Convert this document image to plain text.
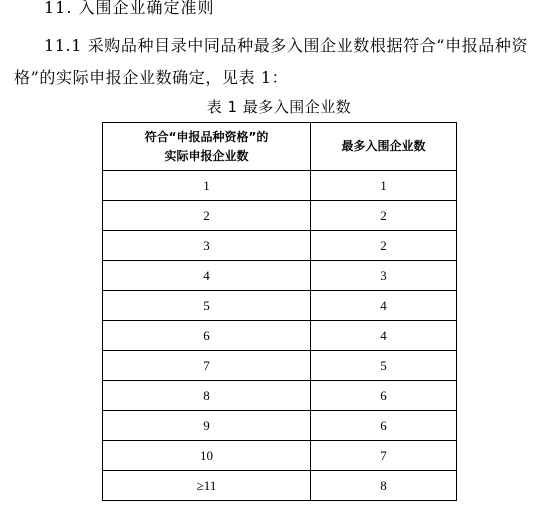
11. 入围企业确定准则
11.1 采购品种目录中同品种最多入围企业数根据符合“申报品种资格”的实际申报企业数确定，见表 1：
表 1 最多入围企业数
符合“申报品种资格”的
实际申报企业数	最多入围企业数
1	1
2	2
3	2
4	3
5	4
6	4
7	5
8	6
9	6
10	7
≥11	8
